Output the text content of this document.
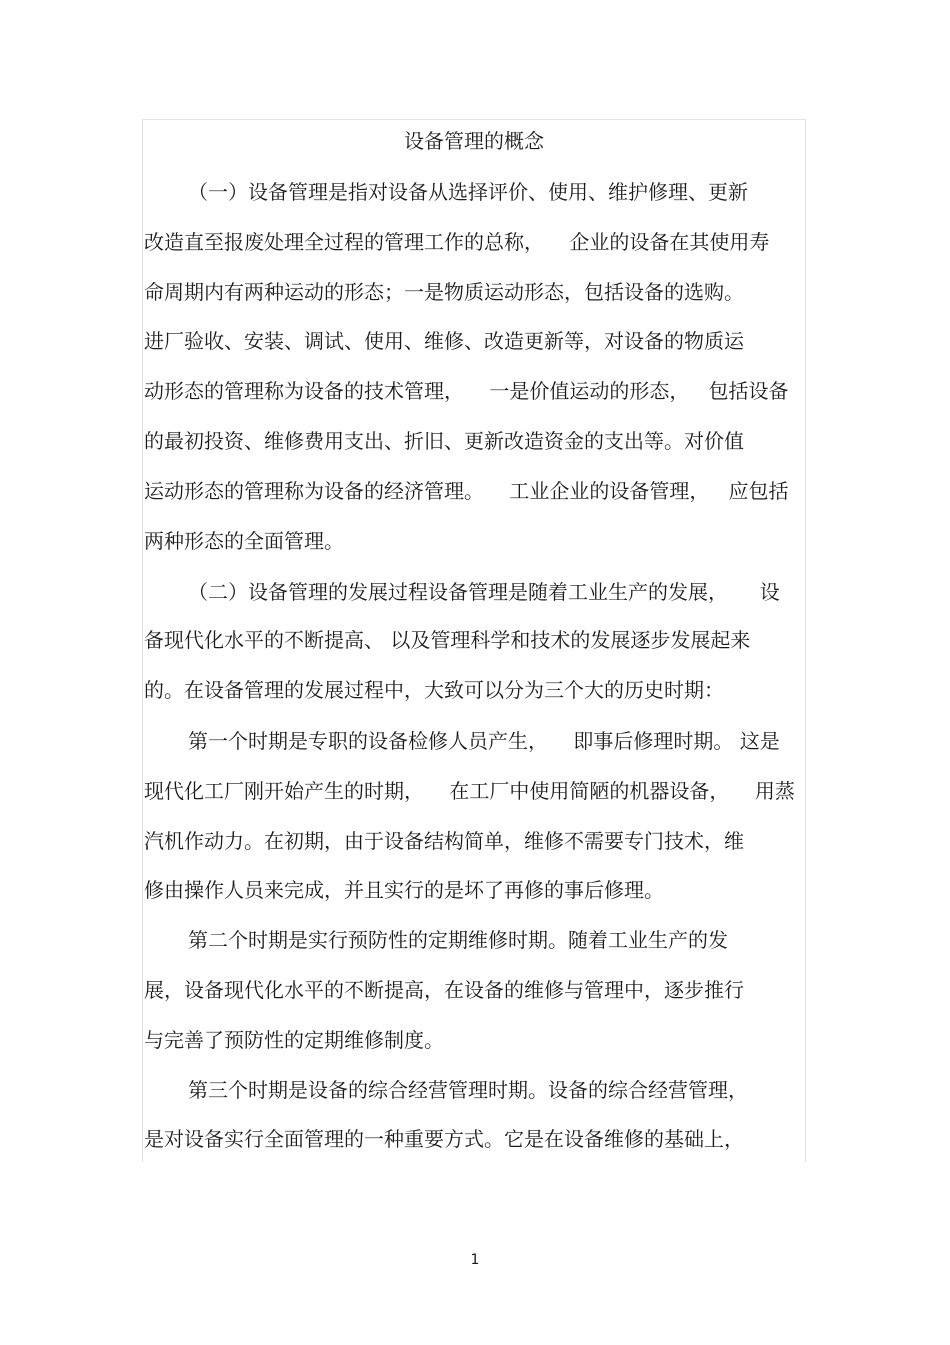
设备管理的概念
（一）设备管理是指对设备从选择评价、使用、维护修理、更新
改造直至报废处理全过程的管理工作的总称，    企业的设备在其使用寿
命周期内有两种运动的形态；一是物质运动形态，包括设备的选购。
进厂验收、安装、调试、使用、维修、改造更新等，对设备的物质运
动形态的管理称为设备的技术管理，    一是价值运动的形态，   包括设备
的最初投资、维修费用支出、折旧、更新改造资金的支出等。对价值
运动形态的管理称为设备的经济管理。    工业企业的设备管理，   应包括
两种形态的全面管理。
（二）设备管理的发展过程设备管理是随着工业生产的发展，     设
备现代化水平的不断提高、 以及管理科学和技术的发展逐步发展起来
的。在设备管理的发展过程中，大致可以分为三个大的历史时期：
第一个时期是专职的设备检修人员产生，    即事后修理时期。 这是
现代化工厂刚开始产生的时期，    在工厂中使用简陋的机器设备，    用蒸
汽机作动力。在初期，由于设备结构简单，维修不需要专门技术，维
修由操作人员来完成，并且实行的是坏了再修的事后修理。
第二个时期是实行预防性的定期维修时期。随着工业生产的发
展，设备现代化水平的不断提高，在设备的维修与管理中，逐步推行
与完善了预防性的定期维修制度。
第三个时期是设备的综合经营管理时期。设备的综合经营管理，
是对设备实行全面管理的一种重要方式。它是在设备维修的基础上，
1
